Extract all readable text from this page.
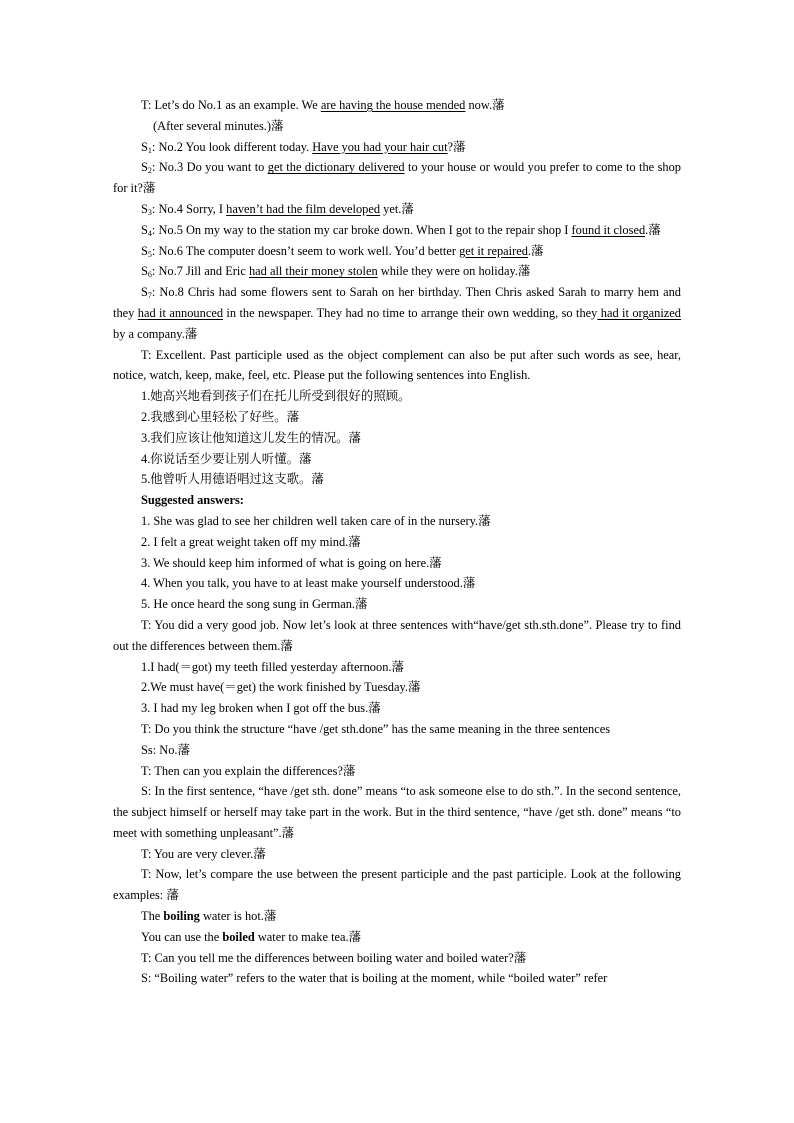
T: Let’s do No.1 as an example. We are having the house mended now.藩
(After several minutes.)藩
$S_1$: No.2 You look different today. Have you had your hair cut?藩
$S_2$: No.3 Do you want to get the dictionary delivered to your house or would you prefer to come to the shop for it?藩
$S_3$: No.4 Sorry, I haven’t had the film developed yet.藩
$S_4$: No.5 On my way to the station my car broke down. When I got to the repair shop I found it closed.藩
$S_5$: No.6 The computer doesn’t seem to work well. You’d better get it repaired.藩
$S_6$: No.7 Jill and Eric had all their money stolen while they were on holiday.藩
$S_7$: No.8 Chris had some flowers sent to Sarah on her birthday. Then Chris asked Sarah to marry hem and they had it announced in the newspaper. They had no time to arrange their own wedding, so they had it organized by a company.藩
T: Excellent. Past participle used as the object complement can also be put after such words as see, hear, notice, watch, keep, make, feel, etc. Please put the following sentences into English.
1.她高兴地看到孩子们在托儿所受到很好的照顾。
2.我感到心里轻松了好些。藩
3.我们应该让他知道这儿发生的情况。藩
4.你说话至少要让别人听懂。藩
5.他曾听人用德语唱过这支歌。藩
Suggested answers:
1. She was glad to see her children well taken care of in the nursery.藩
2. I felt a great weight taken off my mind.藩
3. We should keep him informed of what is going on here.藩
4. When you talk, you have to at least make yourself understood.藩
5. He once heard the song sung in German.藩
T: You did a very good job. Now let’s look at three sentences with“have/get sth.sth.done”. Please try to find out the differences between them.藩
1.I had(＝got) my teeth filled yesterday afternoon.藩
2.We must have(＝get) the work finished by Tuesday.藩
3. I had my leg broken when I got off the bus.藩
T: Do you think the structure “have /get sth.done” has the same meaning in the three sentences
Ss: No.藩
T: Then can you explain the differences?藩
S: In the first sentence, “have /get sth. done” means “to ask someone else to do sth.”. In the second sentence, the subject himself or herself may take part in the work. But in the third sentence, “have /get sth. done” means “to meet with something unpleasant”.藩
T: You are very clever.藩
T: Now, let’s compare the use between the present participle and the past participle. Look at the following examples: 藩
The boiling water is hot.藩
You can use the boiled water to make tea.藩
T: Can you tell me the differences between boiling water and boiled water?藩
S: “Boiling water” refers to the water that is boiling at the moment, while “boiled water” refer
